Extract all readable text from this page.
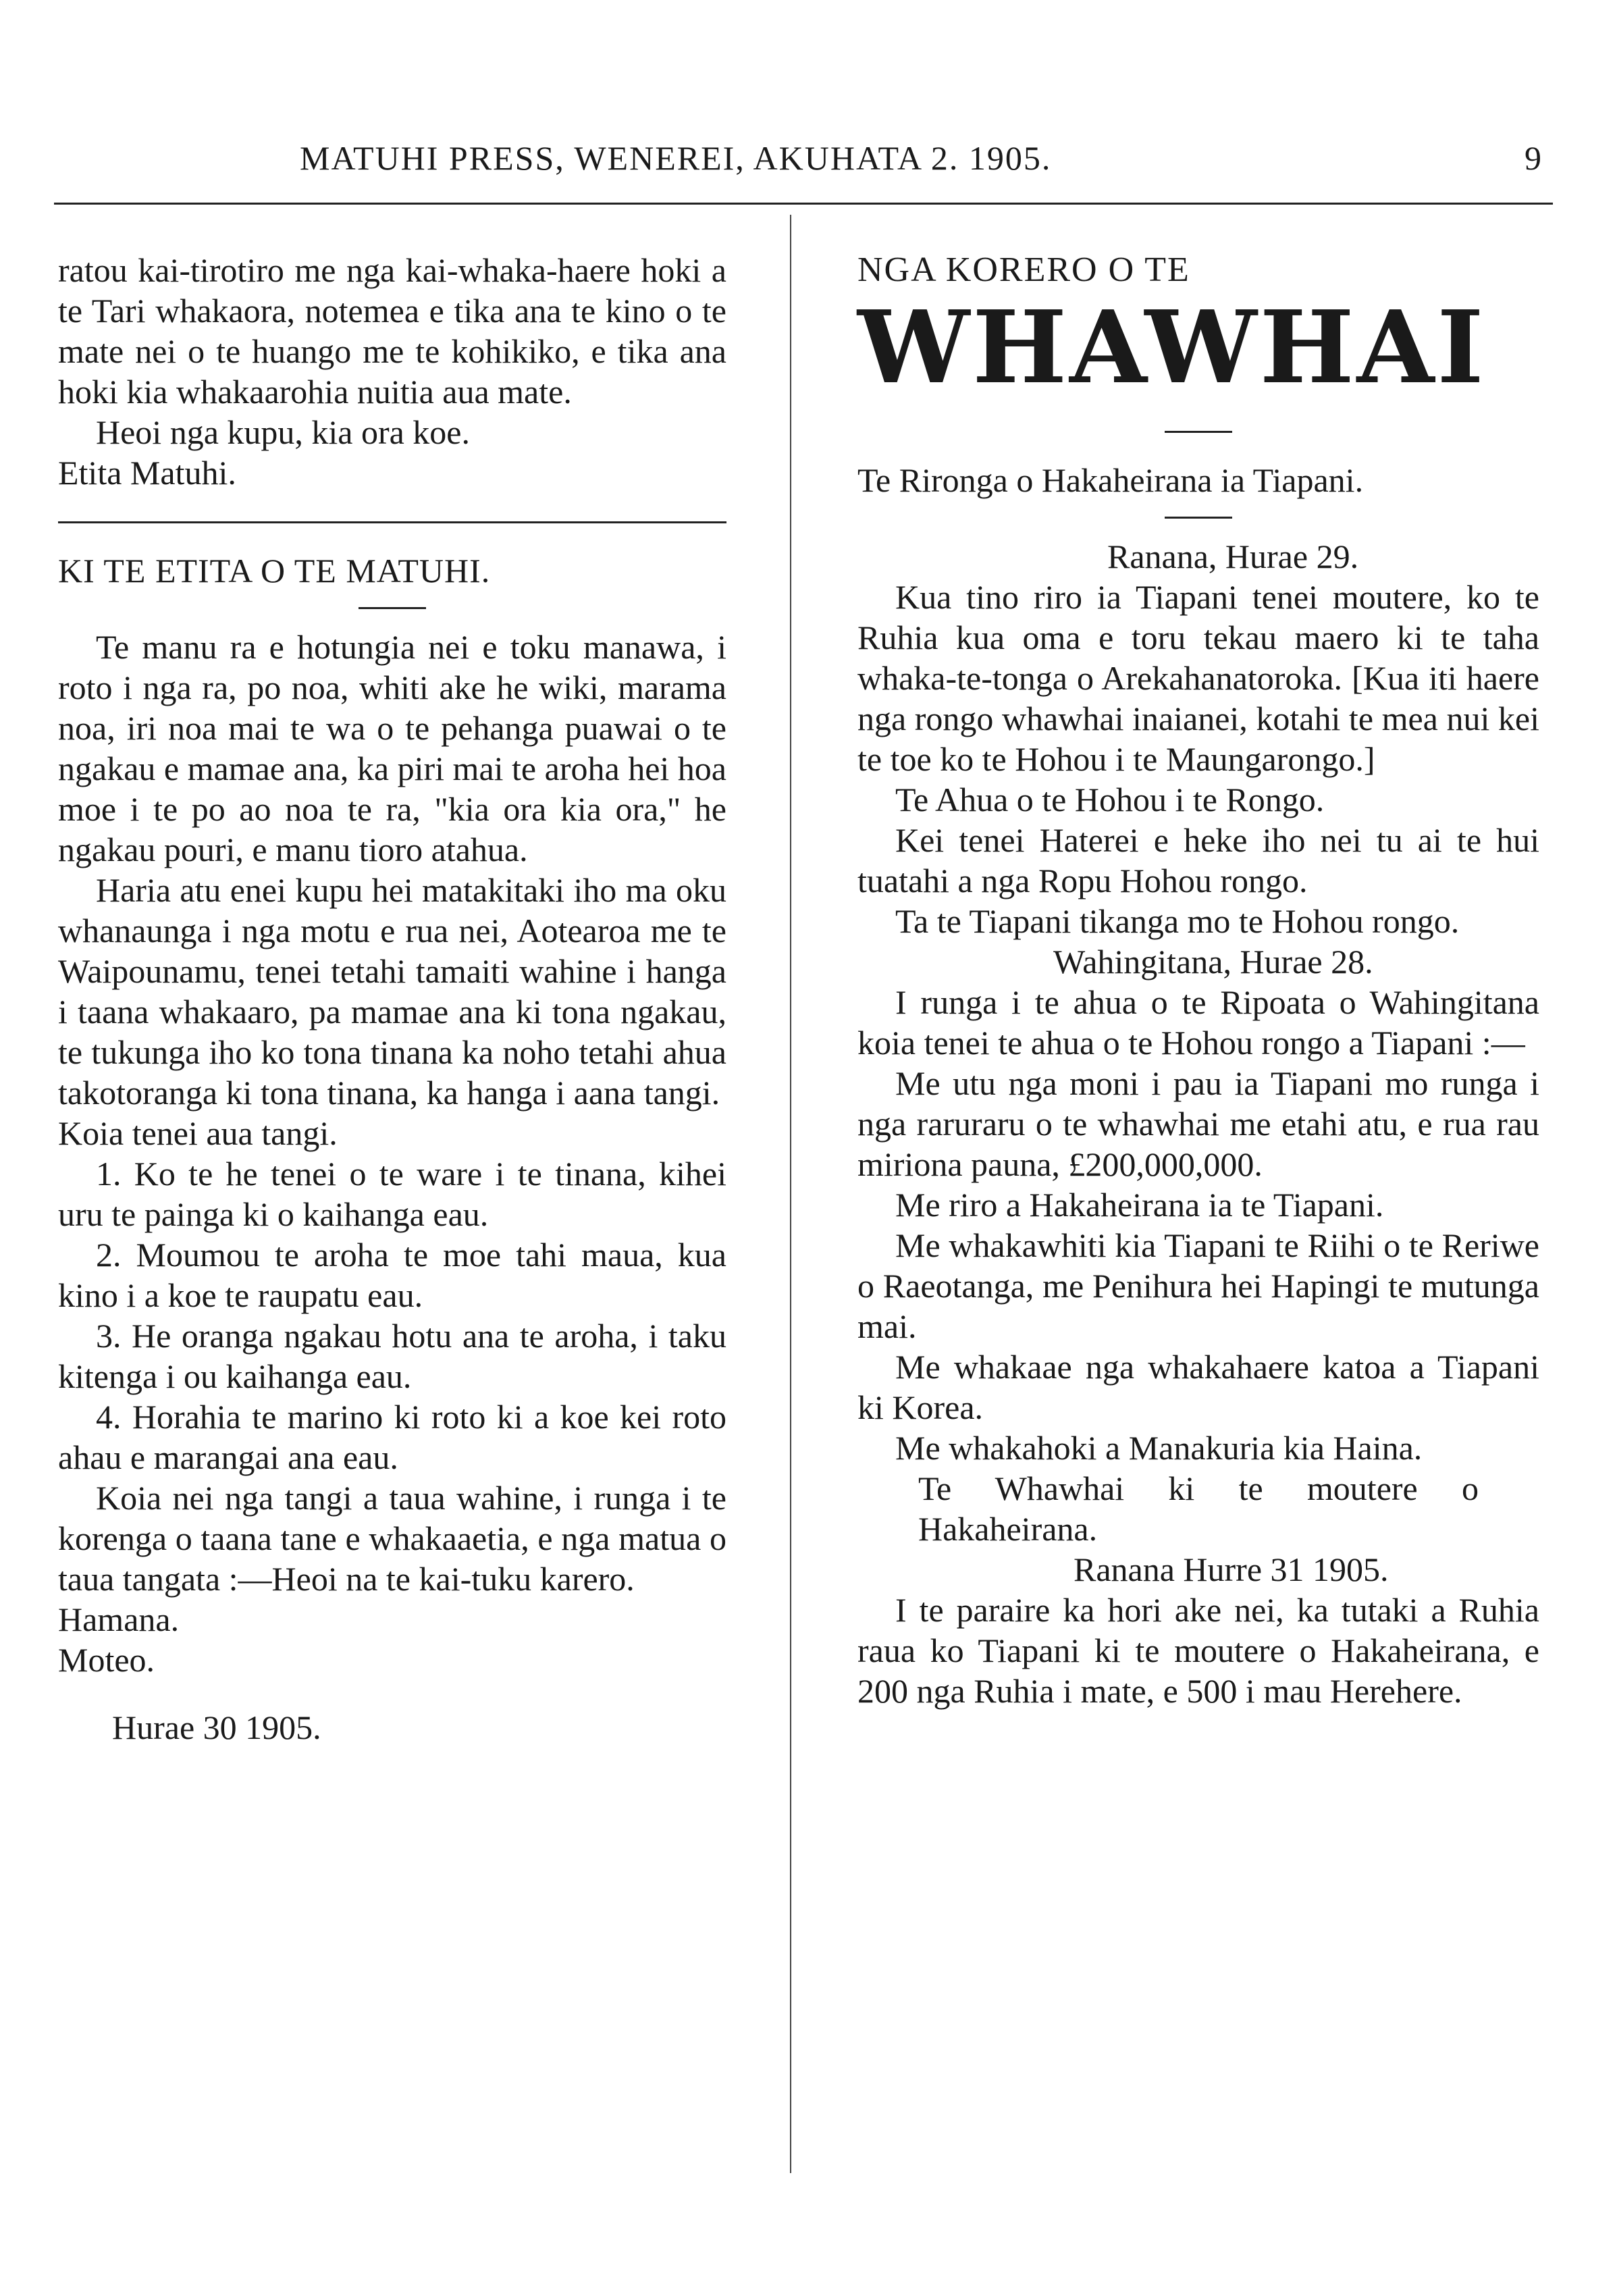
MATUHI PRESS, WENEREI, AKUHATA 2. 1905.	9

ratou kai-tirotiro me nga kai-whaka-haere hoki a te Tari whakaora, notemea e tika ana te kino o te mate nei o te huango me te kohikiko, e tika ana hoki kia whakaarohia nuitia aua mate.

Heoi nga kupu, kia ora koe.

Etita Matuhi.

KI TE ETITA O TE MATUHI.

Te manu ra e hotungia nei e toku manawa, i roto i nga ra, po noa, whiti ake he wiki, marama noa, iri noa mai te wa o te pehanga puawai o te ngakau e mamae ana, ka piri mai te aroha hei hoa moe i te po ao noa te ra, "kia ora kia ora," he ngakau pouri, e manu tioro atahua.

Haria atu enei kupu hei matakitaki iho ma oku whanaunga i nga motu e rua nei, Aotearoa me te Waipounamu, tenei tetahi tamaiti wahine i hanga i taana whakaaro, pa mamae ana ki tona ngakau, te tukunga iho ko tona tinana ka noho tetahi ahua takotoranga ki tona tinana, ka hanga i aana tangi.

Koia tenei aua tangi.

1. Ko te he tenei o te ware i te tinana, kihei uru te painga ki o kaihanga eau.

2. Moumou te aroha te moe tahi maua, kua kino i a koe te raupatu eau.

3. He oranga ngakau hotu ana te aroha, i taku kitenga i ou kaihanga eau.

4. Horahia te marino ki roto ki a koe kei roto ahau e marangai ana eau.

Koia nei nga tangi a taua wahine, i runga i te korenga o taana tane e whakaaetia, e nga matua o taua tangata :—Heoi na te kai-tuku karero.

Hamana.

Moteo.

Hurae 30 1905.

NGA KORERO O TE

WHAWHAI

Te Rironga o Hakaheirana ia Tiapani.

Ranana, Hurae 29.

Kua tino riro ia Tiapani tenei moutere, ko te Ruhia kua oma e toru tekau maero ki te taha whaka-te-tonga o Arekahanatoroka. [Kua iti haere nga rongo whawhai inaianei, kotahi te mea nui kei te toe ko te Hohou i te Maungarongo.]

Te Ahua o te Hohou i te Rongo.

Kei tenei Haterei e heke iho nei tu ai te hui tuatahi a nga Ropu Hohou rongo.

Ta te Tiapani tikanga mo te Hohou rongo.

Wahingitana, Hurae 28.

I runga i te ahua o te Ripoata o Wahingitana koia tenei te ahua o te Hohou rongo a Tiapani :—

Me utu nga moni i pau ia Tiapani mo runga i nga raruraru o te whawhai me etahi atu, e rua rau miriona pauna, £200,000,000.

Me riro a Hakaheirana ia te Tiapani.

Me whakawhiti kia Tiapani te Riihi o te Reriwe o Raeotanga, me Penihura hei Hapingi te mutunga mai.

Me whakaae nga whakahaere katoa a Tiapani ki Korea.

Me whakahoki a Manakuria kia Haina.

Te Whawhai ki te moutere o Hakaheirana.

Ranana Hurre 31 1905.

I te paraire ka hori ake nei, ka tutaki a Ruhia raua ko Tiapani ki te moutere o Hakaheirana, e 200 nga Ruhia i mate, e 500 i mau Herehere.
